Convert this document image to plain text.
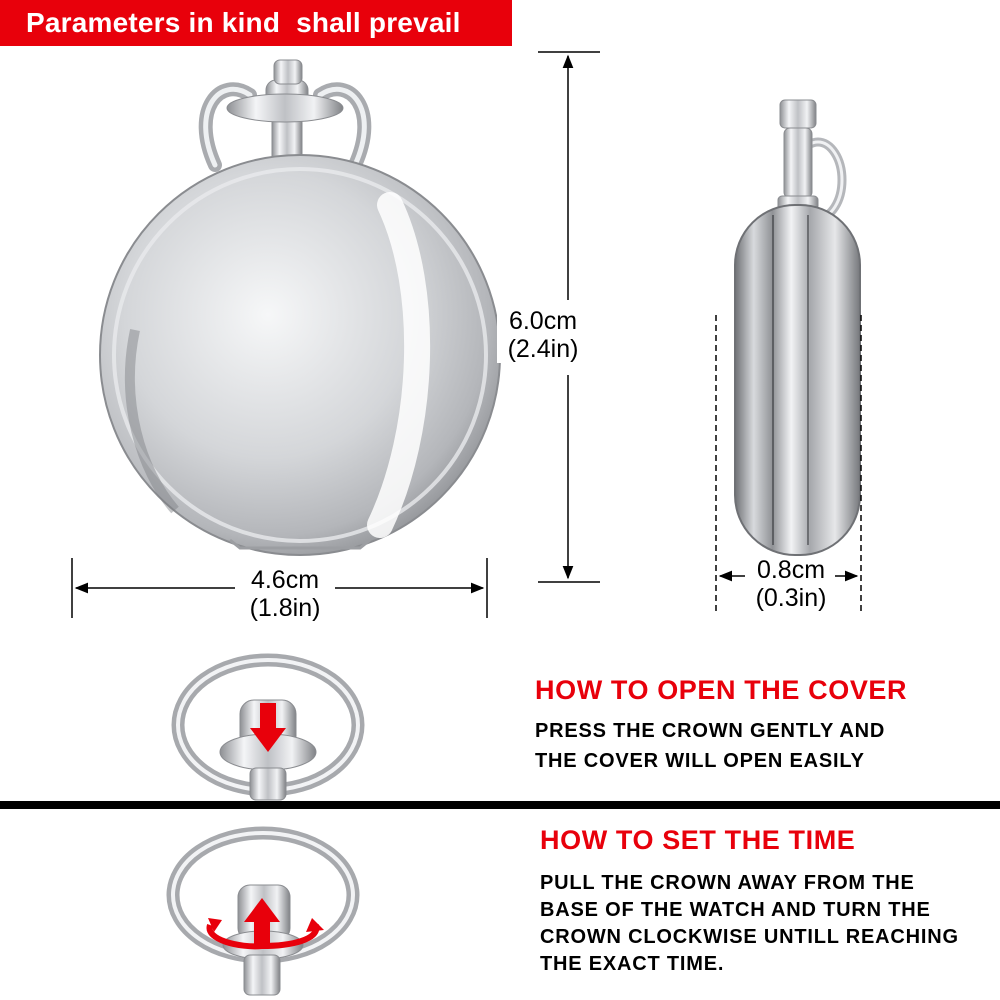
Parameters in kind  shall prevail
6.0cm
(2.4in)
4.6cm
(1.8in)
0.8cm
(0.3in)
HOW TO OPEN THE COVER
PRESS THE CROWN GENTLY AND
THE COVER WILL OPEN EASILY
HOW TO SET THE TIME
PULL THE CROWN AWAY FROM THE
BASE OF THE WATCH AND TURN THE
CROWN CLOCKWISE UNTILL REACHING
THE EXACT TIME.
